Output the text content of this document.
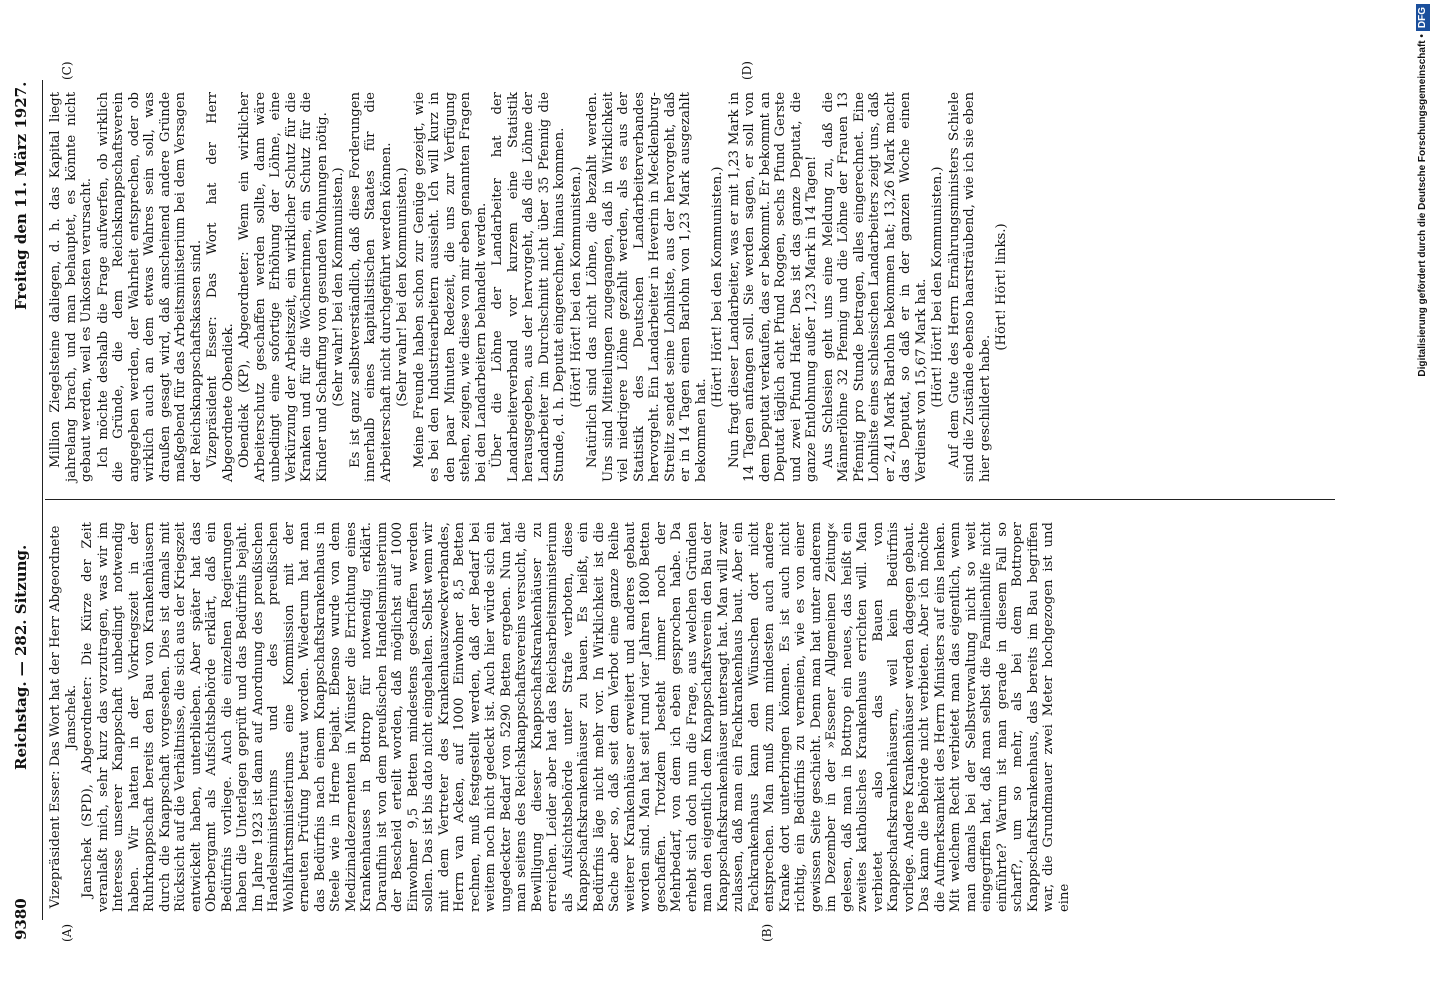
9380
Reichstag. — 282. Sitzung.
Freitag den 11. März 1927.
(A)	(B)
(C)	(D)

Vizepräsident Esser: Das Wort hat der Herr Abgeordnete Janschek. Janschek (SPD), Abgeordneter: Die Kürze der Zeit veranlaßt mich, sehr kurz das vorzutragen, was wir im Interesse unserer Knappschaft unbedingt notwendig haben. Wir hatten in der Vorkriegszeit in der Ruhrknappschaft bereits den Bau von Krankenhäusern durch die Knappschaft vorgesehen. Dies ist damals mit Rücksicht auf die Verhältnisse, die sich aus der Kriegszeit entwickelt haben, unterblieben. Aber später hat das Oberbergamt als Aufsichtsbehörde erklärt, daß ein Bedürfnis vorliege. Auch die einzelnen Regierungen haben die Unterlagen geprüft und das Bedürfnis bejaht. Im Jahre 1923 ist dann auf Anordnung des preußischen Handelsministeriums und des preußischen Wohlfahrtsministeriums eine Kommission mit der erneuten Prüfung betraut worden. Wiederum hat man das Bedürfnis nach einem Knappschaftskrankenhaus in Steele wie in Herne bejaht. Ebenso wurde von dem Medizinaldezernenten in Münster die Errichtung eines Krankenhauses in Bottrop für notwendig erklärt. Daraufhin ist von dem preußischen Handelsministerium der Bescheid erteilt worden, daß möglichst auf 1000 Einwohner 9,5 Betten mindestens geschaffen werden sollen. Das ist bis dato nicht eingehalten. Selbst wenn wir mit dem Vertreter des Krankenhauszweckverbandes, Herrn van Acken, auf 1000 Einwohner 8,5 Betten rechnen, muß festgestellt werden, daß der Bedarf bei weitem noch nicht gedeckt ist. Auch hier würde sich ein ungedeckter Bedarf von 5290 Betten ergeben. Nun hat man seitens des Reichsknappschaftsvereins versucht, die Bewilligung dieser Knappschaftskrankenhäuser zu erreichen. Leider aber hat das Reichsarbeitsministerium als Aufsichtsbehörde unter Strafe verboten, diese Knappschaftskrankenhäuser zu bauen. Es heißt, ein Bedürfnis läge nicht mehr vor. In Wirklichkeit ist die Sache aber so, daß seit dem Verbot eine ganze Reihe weiterer Krankenhäuser erweitert und anderes gebaut worden sind. Man hat seit rund vier Jahren 1800 Betten geschaffen. Trotzdem besteht immer noch der Mehrbedarf, von dem ich eben gesprochen habe. Da erhebt sich doch nun die Frage, aus welchen Gründen man den eigentlich dem Knappschaftsverein den Bau der Knappschaftskrankenhäuser untersagt hat. Man will zwar zulassen, daß man ein Fachkrankenhaus baut. Aber ein Fachkrankenhaus kann den Wünschen dort nicht entsprechen. Man muß zum mindesten auch andere Kranke dort unterbringen können. Es ist auch nicht richtig, ein Bedürfnis zu verneinen, wie es von einer gewissen Seite geschieht. Denn man hat unter anderem im Dezember in der »Essener Allgemeinen Zeitung« gelesen, daß man in Bottrop ein neues, das heißt ein zweites katholisches Krankenhaus errichten will. Man verbietet also das Bauen von Knappschaftskrankenhäusern, weil kein Bedürfnis vorliege. Andere Krankenhäuser werden dagegen gebaut. Das kann die Behörde nicht verbieten. Aber ich möchte die Aufmerksamkeit des Herrn Ministers auf eins lenken. Mit welchem Recht verbietet man das eigentlich, wenn man damals bei der Selbstverwaltung nicht so weit eingegriffen hat, daß man selbst die Familienhilfe nicht einführte? Warum ist man gerade in diesem Fall so scharf?, um so mehr, als bei dem Bottroper Knappschaftskrankenhaus, das bereits im Bau begriffen war, die Grundmauer zwei Meter hochgezogen ist und eine

Million Ziegelsteine daliegen, d. h. das Kapital liegt jahrelang brach, und man behauptet, es könnte nicht gebaut werden, weil es Unkosten verursacht. Ich möchte deshalb die Frage aufwerfen, ob wirklich die Gründe, die dem Reichsknappschaftsverein angegeben werden, der Wahrheit entsprechen, oder ob wirklich auch an dem etwas Wahres sein soll, was draußen gesagt wird, daß anscheinend andere Gründe maßgebend für das Arbeitsministerium bei dem Versagen der Reichsknappschaftskassen sind. Vizepräsident Esser: Das Wort hat der Herr Abgeordnete Obendiek. Obendiek (KP), Abgeordneter: Wenn ein wirklicher Arbeiterschutz geschaffen werden sollte, dann wäre unbedingt eine sofortige Erhöhung der Löhne, eine Verkürzung der Arbeitszeit, ein wirklicher Schutz für die Kranken und für die Wöchnerinnen, ein Schutz für die Kinder und Schaffung von gesunden Wohnungen nötig. (Sehr wahr! bei den Kommunisten.) Es ist ganz selbstverständlich, daß diese Forderungen innerhalb eines kapitalistischen Staates für die Arbeiterschaft nicht durchgeführt werden können. (Sehr wahr! bei den Kommunisten.) Meine Freunde haben schon zur Genüge gezeigt, wie es bei den Industriearbeitern aussieht. Ich will kurz in den paar Minuten Redezeit, die uns zur Verfügung stehen, zeigen, wie diese von mir eben genannten Fragen bei den Landarbeitern behandelt werden. Über die Löhne der Landarbeiter hat der Landarbeiterverband vor kurzem eine Statistik herausgegeben, aus der hervorgeht, daß die Löhne der Landarbeiter im Durchschnitt nicht über 35 Pfennig die Stunde, d. h. Deputat eingerechnet, hinaus kommen. (Hört! Hört! bei den Kommunisten.) Natürlich sind das nicht Löhne, die bezahlt werden. Uns sind Mitteilungen zugegangen, daß in Wirklichkeit viel niedrigere Löhne gezahlt werden, als es aus der Statistik des Deutschen Landarbeiterverbandes hervorgeht. Ein Landarbeiter in Heverin in Mecklenburg-Strelitz sendet seine Lohnliste, aus der hervorgeht, daß er in 14 Tagen einen Barlohn von 1,23 Mark ausgezahlt bekommen hat.

(Hört! Hört! bei den Kommunisten.) Nun fragt dieser Landarbeiter, was er mit 1,23 Mark in 14 Tagen anfangen soll. Sie werden sagen, er soll von dem Deputat verkaufen, das er bekommt. Er bekommt an Deputat täglich acht Pfund Roggen, sechs Pfund Gerste und zwei Pfund Hafer. Das ist das ganze Deputat, die ganze Entlohnung außer 1,23 Mark in 14 Tagen! Aus Schlesien geht uns eine Meldung zu, daß die Männerlöhne 32 Pfennig und die Löhne der Frauen 13 Pfennig pro Stunde betragen, alles eingerechnet. Eine Lohnliste eines schlesischen Landarbeiters zeigt uns, daß er 2,41 Mark Barlohn bekommen hat; 13,26 Mark macht das Deputat, so daß er in der ganzen Woche einen Verdienst von 15,67 Mark hat. (Hört! Hört! bei den Kommunisten.) Auf dem Gute des Herrn Ernährungsministers Schiele sind die Zustände ebenso haarsträubend, wie ich sie eben hier geschildert habe.

(Hört! Hört! links.)	Digitalisierung gefördert durch die Deutsche Forschungsgemeinschaft •DFG
